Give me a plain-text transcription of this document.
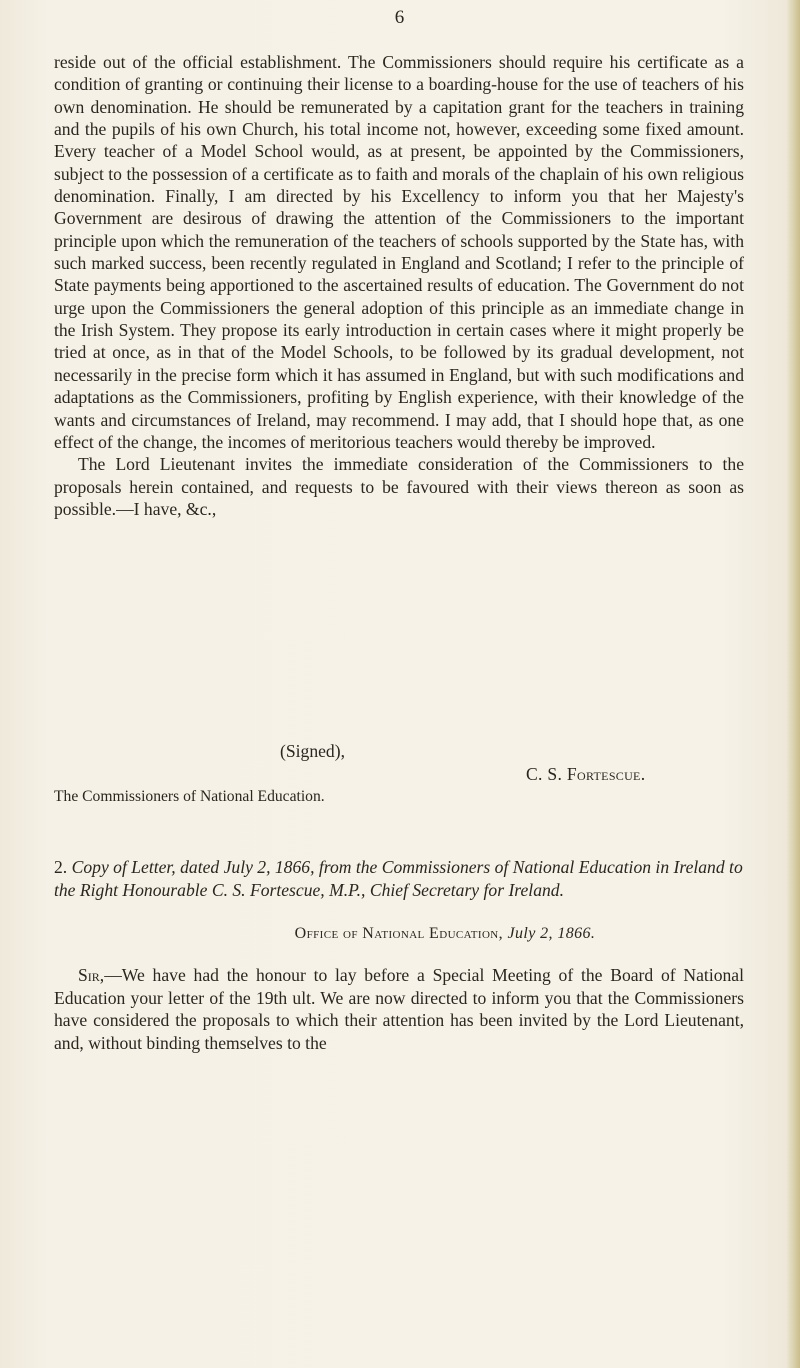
6

reside out of the official establishment. The Commissioners should require his certificate as a condition of granting or continuing their license to a boarding-house for the use of teachers of his own denomination. He should be remunerated by a capitation grant for the teachers in training and the pupils of his own Church, his total income not, however, exceeding some fixed amount. Every teacher of a Model School would, as at present, be appointed by the Commissioners, subject to the possession of a certificate as to faith and morals of the chaplain of his own religious denomination. Finally, I am directed by his Excellency to inform you that her Majesty's Government are desirous of drawing the attention of the Commissioners to the important principle upon which the remuneration of the teachers of schools supported by the State has, with such marked success, been recently regulated in England and Scotland; I refer to the principle of State payments being apportioned to the ascertained results of education. The Government do not urge upon the Commissioners the general adoption of this principle as an immediate change in the Irish System. They propose its early introduction in certain cases where it might properly be tried at once, as in that of the Model Schools, to be followed by its gradual development, not necessarily in the precise form which it has assumed in England, but with such modifications and adaptations as the Commissioners, profiting by English experience, with their knowledge of the wants and circumstances of Ireland, may recommend. I may add, that I should hope that, as one effect of the change, the incomes of meritorious teachers would thereby be improved.

The Lord Lieutenant invites the immediate consideration of the Commissioners to the proposals herein contained, and requests to be favoured with their views thereon as soon as possible.—I have, &c.,

(Signed),
C. S. Fortescue.
The Commissioners of National Education.
2. Copy of Letter, dated July 2, 1866, from the Commissioners of National Education in Ireland to the Right Honourable C. S. Fortescue, M.P., Chief Secretary for Ireland.
Office of National Education, July 2, 1866.
Sir,—We have had the honour to lay before a Special Meeting of the Board of National Education your letter of the 19th ult. We are now directed to inform you that the Commissioners have considered the proposals to which their attention has been invited by the Lord Lieutenant, and, without binding themselves to the
